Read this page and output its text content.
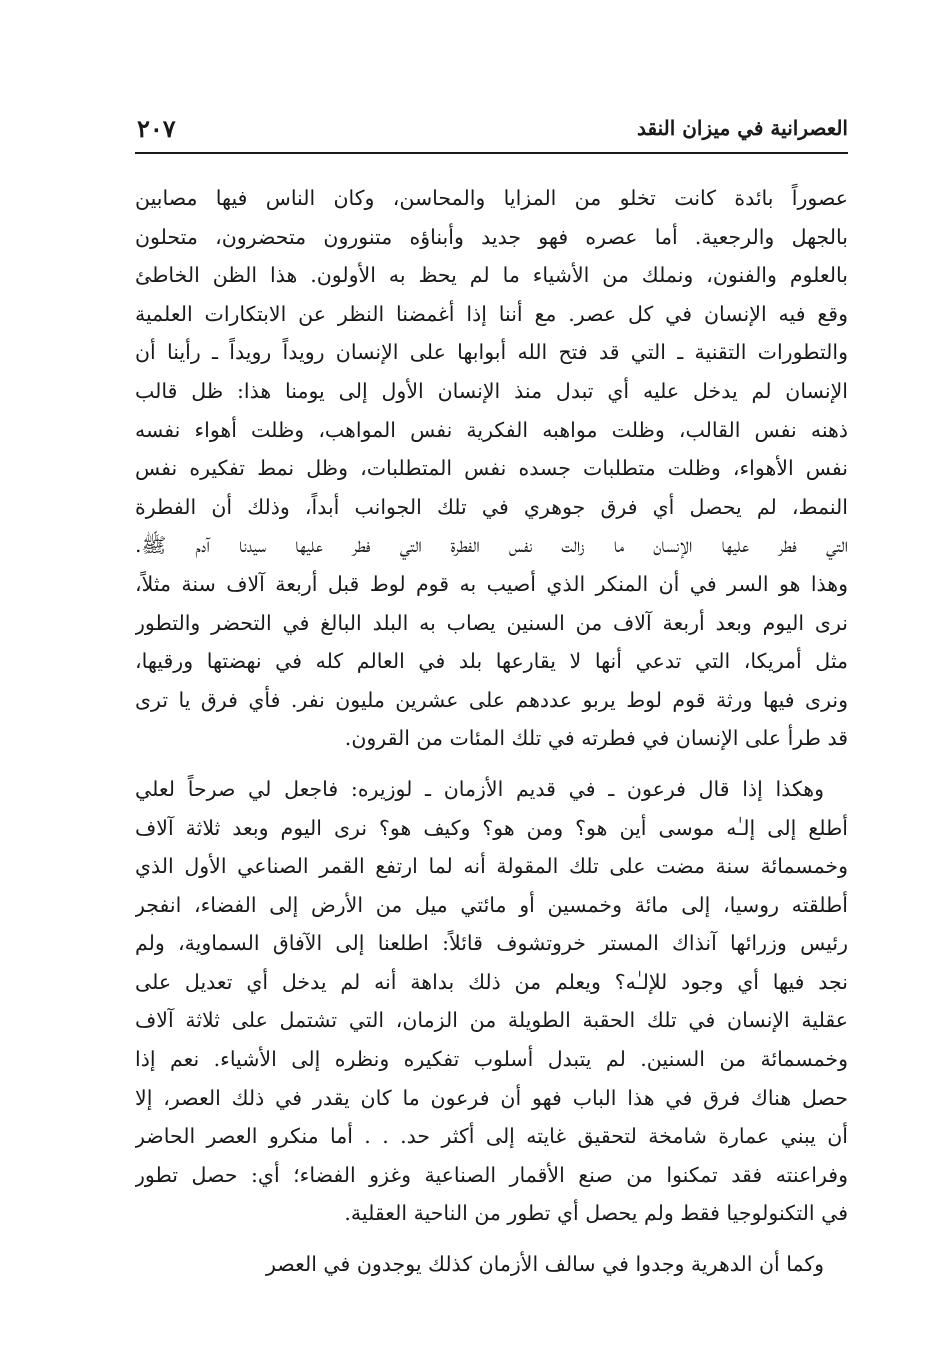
العصرانية في ميزان النقد
٢٠٧
عصوراً بائدة كانت تخلو من المزايا والمحاسن، وكان الناس فيها مصابين
بالجهل والرجعية. أما عصره فهو جديد وأبناؤه متنورون متحضرون، متحلون
بالعلوم والفنون، ونملك من الأشياء ما لم يحظ به الأولون. هذا الظن الخاطئ
وقع فيه الإنسان في كل عصر. مع أننا إذا أغمضنا النظر عن الابتكارات العلمية
والتطورات التقنية ـ التي قد فتح الله أبوابها على الإنسان رويداً رويداً ـ رأينا أن
الإنسان لم يدخل عليه أي تبدل منذ الإنسان الأول إلى يومنا هذا: ظل قالب
ذهنه نفس القالب، وظلت مواهبه الفكرية نفس المواهب، وظلت أهواء نفسه
نفس الأهواء، وظلت متطلبات جسده نفس المتطلبات، وظل نمط تفكيره نفس
النمط، لم يحصل أي فرق جوهري في تلك الجوانب أبداً، وذلك أن الفطرة
التي فطر عليها الإنسان ما زالت نفس الفطرة التي فطر عليها سيدنا آدم ﷺ.
وهذا هو السر في أن المنكر الذي أصيب به قوم لوط قبل أربعة آلاف سنة مثلاً،
نرى اليوم وبعد أربعة آلاف من السنين يصاب به البلد البالغ في التحضر والتطور
مثل أمريكا، التي تدعي أنها لا يقارعها بلد في العالم كله في نهضتها ورقيها،
ونرى فيها ورثة قوم لوط يربو عددهم على عشرين مليون نفر. فأي فرق يا ترى
قد طرأ على الإنسان في فطرته في تلك المئات من القرون.
وهكذا إذا قال فرعون ـ في قديم الأزمان ـ لوزيره: فاجعل لي صرحاً لعلي
أطلع إلى إلـٰه موسى أين هو؟ ومن هو؟ وكيف هو؟ نرى اليوم وبعد ثلاثة آلاف
وخمسمائة سنة مضت على تلك المقولة أنه لما ارتفع القمر الصناعي الأول الذي
أطلقته روسيا، إلى مائة وخمسين أو مائتي ميل من الأرض إلى الفضاء، انفجر
رئيس وزرائها آنذاك المستر خروتشوف قائلاً: اطلعنا إلى الآفاق السماوية، ولم
نجد فيها أي وجود للإلـٰه؟ ويعلم من ذلك بداهة أنه لم يدخل أي تعديل على
عقلية الإنسان في تلك الحقبة الطويلة من الزمان، التي تشتمل على ثلاثة آلاف
وخمسمائة من السنين. لم يتبدل أسلوب تفكيره ونظره إلى الأشياء. نعم إذا
حصل هناك فرق في هذا الباب فهو أن فرعون ما كان يقدر في ذلك العصر، إلا
أن يبني عمارة شامخة لتحقيق غايته إلى أكثر حد. . . أما منكرو العصر الحاضر
وفراعنته فقد تمكنوا من صنع الأقمار الصناعية وغزو الفضاء؛ أي: حصل تطور
في التكنولوجيا فقط ولم يحصل أي تطور من الناحية العقلية.
وكما أن الدهرية وجدوا في سالف الأزمان كذلك يوجدون في العصر
